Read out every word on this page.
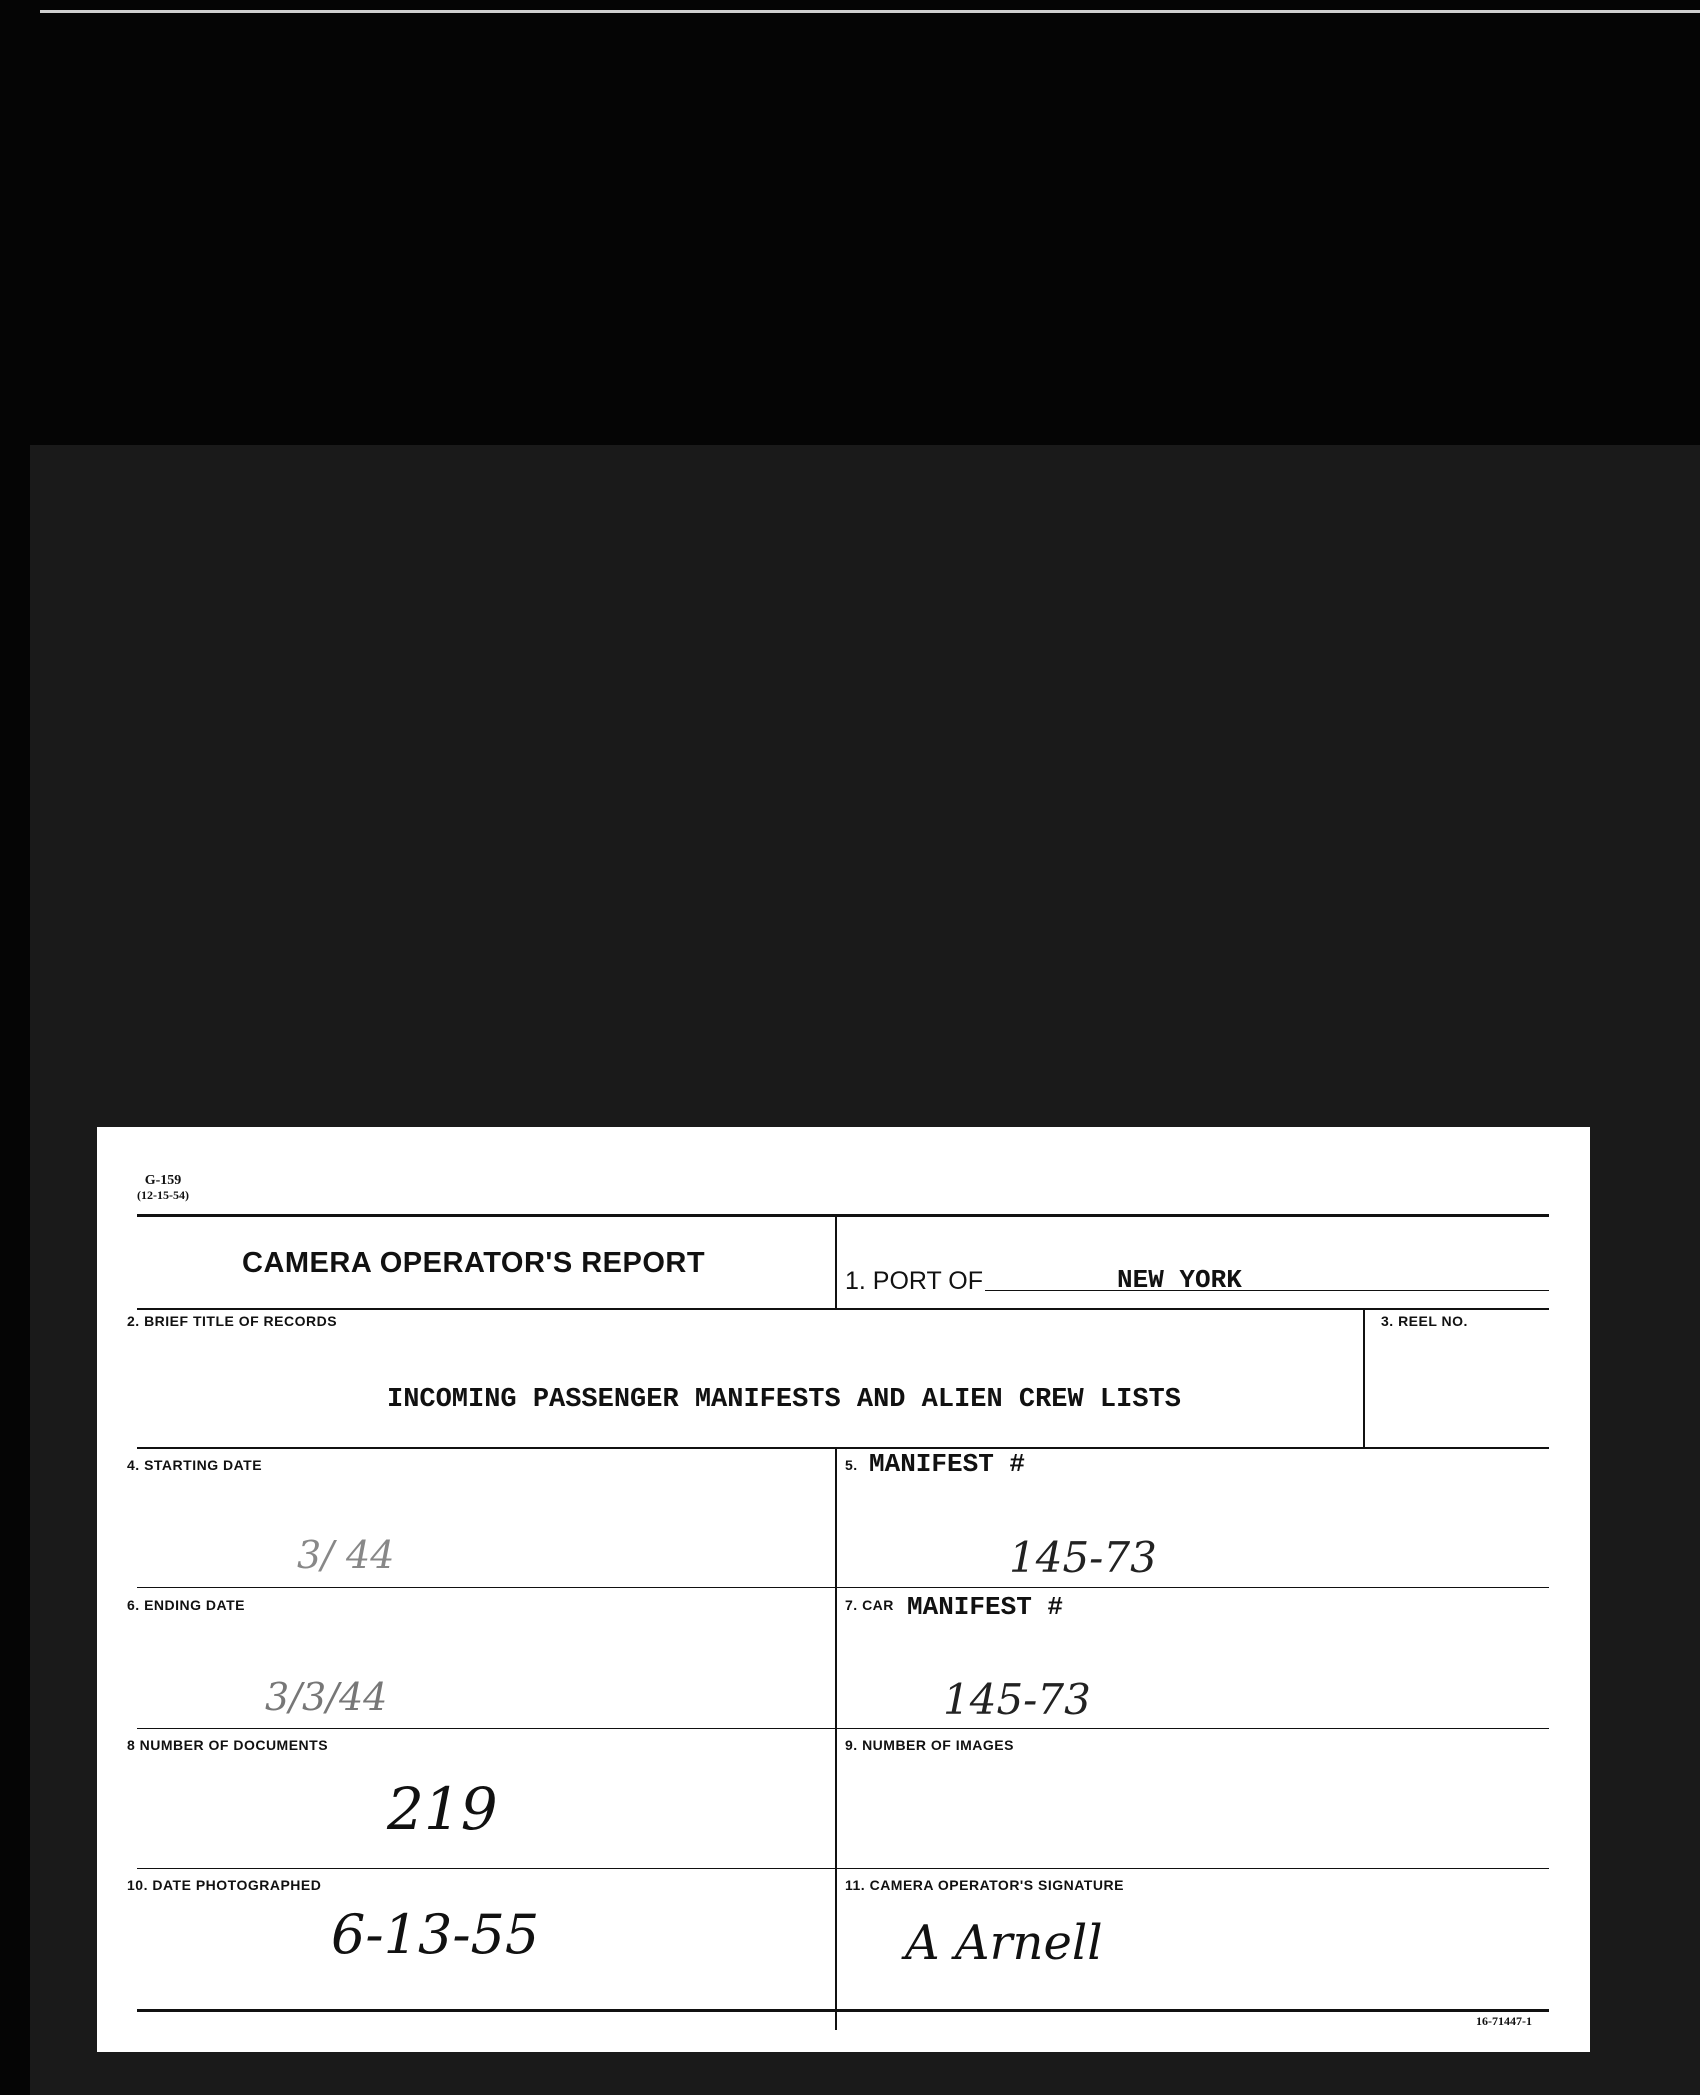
G-159
(12-15-54)
CAMERA OPERATOR'S REPORT
1. PORT OF	NEW YORK
2. BRIEF TITLE OF RECORDS
INCOMING PASSENGER MANIFESTS AND ALIEN CREW LISTS
3. REEL NO.
4. STARTING DATE
3/ 44
5. MANIFEST #
145-73
6. ENDING DATE
3/3/44
7. CAR MANIFEST #
145-73
8 NUMBER OF DOCUMENTS
219
9. NUMBER OF IMAGES
10. DATE PHOTOGRAPHED
6-13-55
11. CAMERA OPERATOR'S SIGNATURE
A Arnell
16-71447-1
